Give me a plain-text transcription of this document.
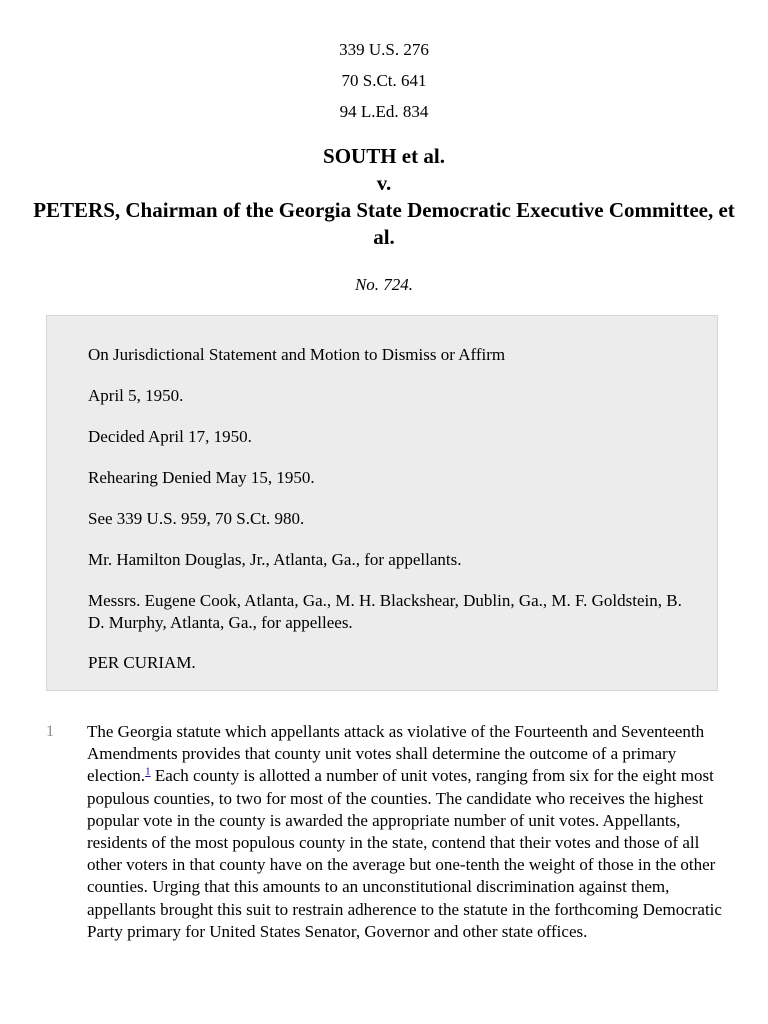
339 U.S. 276
70 S.Ct. 641
94 L.Ed. 834
SOUTH et al.
v.
PETERS, Chairman of the Georgia State Democratic Executive Committee, et al.
No. 724.

On Jurisdictional Statement and Motion to Dismiss or Affirm

April 5, 1950.

Decided April 17, 1950.

Rehearing Denied May 15, 1950.

See 339 U.S. 959, 70 S.Ct. 980.

Mr. Hamilton Douglas, Jr., Atlanta, Ga., for appellants.

Messrs. Eugene Cook, Atlanta, Ga., M. H. Blackshear, Dublin, Ga., M. F. Goldstein, B. D. Murphy, Atlanta, Ga., for appellees.

PER CURIAM.

1 The Georgia statute which appellants attack as violative of the Fourteenth and Seventeenth Amendments provides that county unit votes shall determine the outcome of a primary election.$^1$ Each county is allotted a number of unit votes, ranging from six for the eight most populous counties, to two for most of the counties. The candidate who receives the highest popular vote in the county is awarded the appropriate number of unit votes. Appellants, residents of the most populous county in the state, contend that their votes and those of all other voters in that county have on the average but one-tenth the weight of those in the other counties. Urging that this amounts to an unconstitutional discrimination against them, appellants brought this suit to restrain adherence to the statute in the forthcoming Democratic Party primary for United States Senator, Governor and other state offices.
